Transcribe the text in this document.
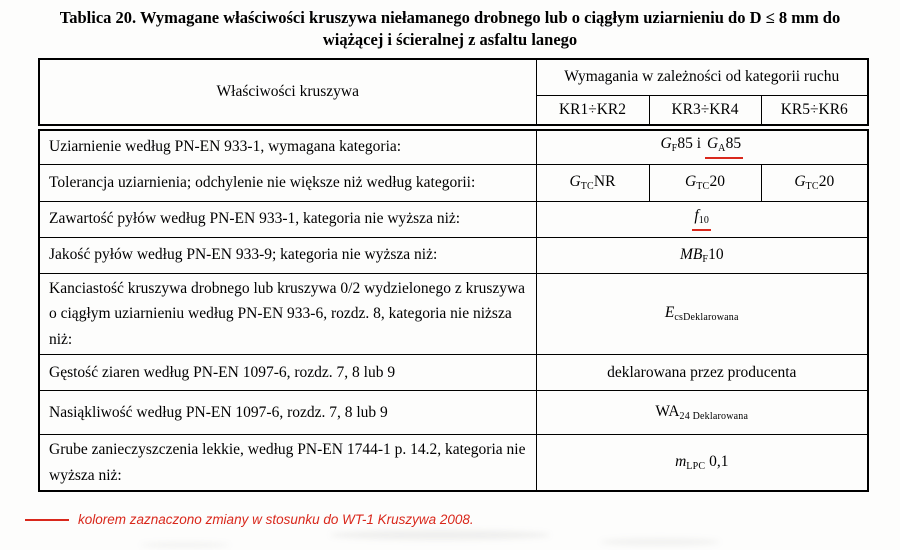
Tablica 20. Wymagane właściwości kruszywa niełamanego drobnego lub o ciągłym uziarnieniu do D ≤ 8 mm do
wiążącej i ścieralnej z asfaltu lanego
Właściwości kruszywa	Wymagania w zależności od kategorii ruchu		
	KR1÷KR2	KR3÷KR4	KR5÷KR6
Uziarnienie według PN-EN 933-1, wymagana kategoria:	$G_F85$ i $G_A85$		
Tolerancja uziarnienia; odchylenie nie większe niż według kategorii:	$G_{TC}NR$	$G_{TC}20$	$G_{TC}20$
Zawartość pyłów według PN-EN 933-1, kategoria nie wyższa niż:	$f_{10}$
Jakość pyłów według PN-EN 933-9; kategoria nie wyższa niż:	$MB_F10$		
Kanciastość kruszywa drobnego lub kruszywa 0/2 wydzielonego z kruszywa o ciągłym uziarnieniu według PN-EN 933-6, rozdz. 8, kategoria nie niższa niż:	$E_{csDeklarowana}$
Gęstość ziaren według PN-EN 1097-6, rozdz. 7, 8 lub 9	deklarowana przez producenta		
Nasiąkliwość według PN-EN 1097-6, rozdz. 7, 8 lub 9	$WA_{24 Deklarowana}$
Grube zanieczyszczenia lekkie, według PN-EN 1744-1 p. 14.2, kategoria nie wyższa niż:	$m_{LPC}$ 0,1		
kolorem zaznaczono zmiany w stosunku do WT-1 Kruszywa 2008.
